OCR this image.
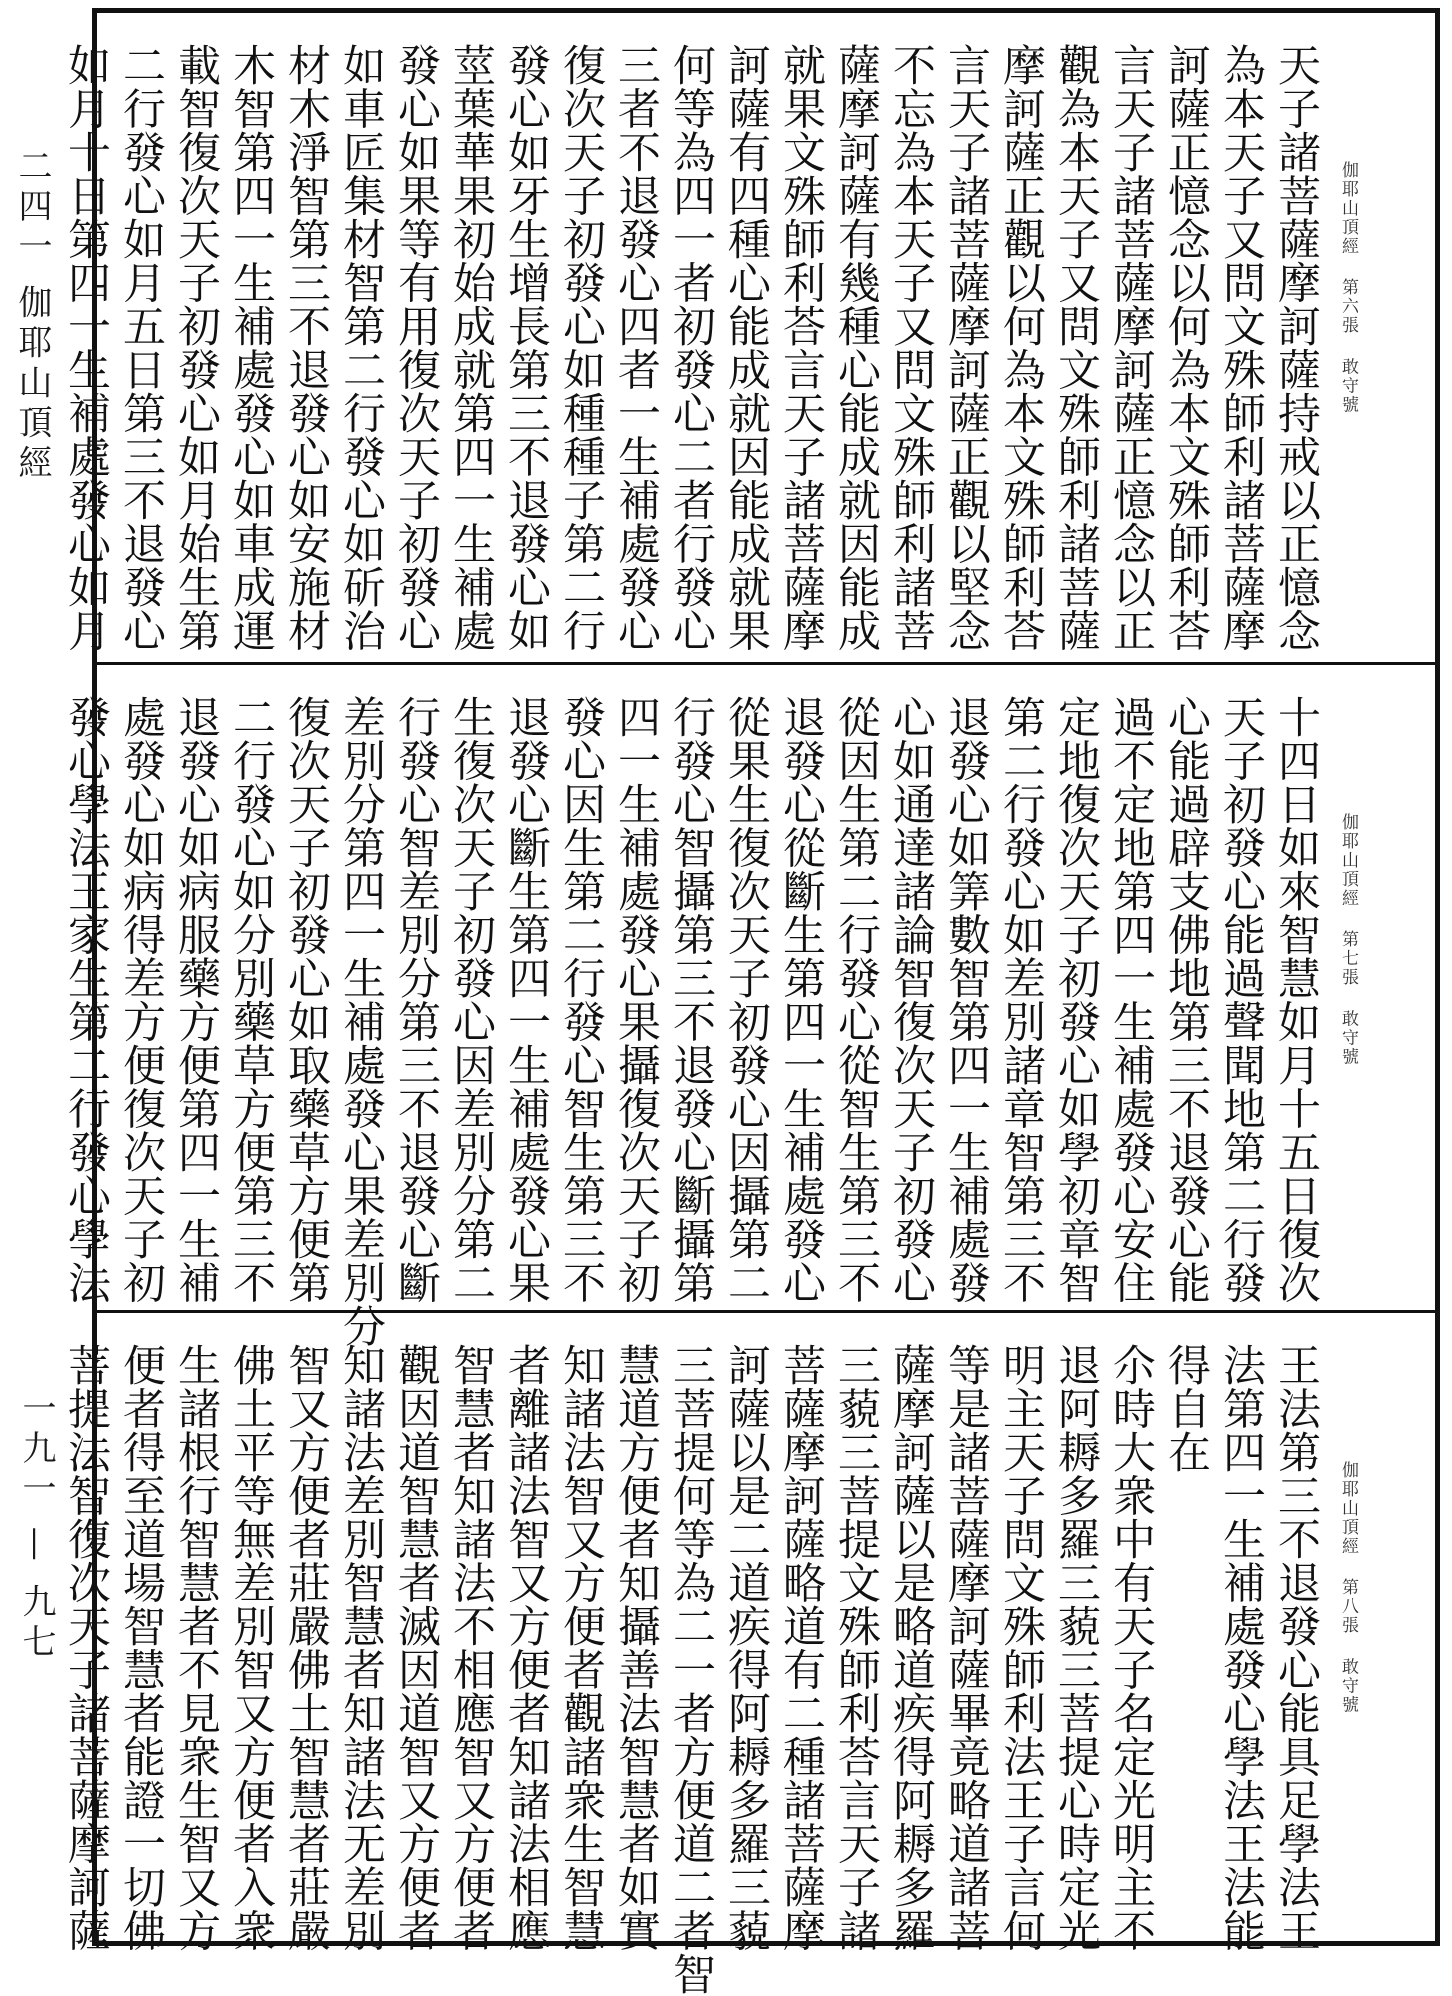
二四一 伽耶山頂經
一九一 — 九七
伽耶山頂經   第六張   敢守號
天子諸菩薩摩訶薩持戒以正憶念
為本天子又問文殊師利諸菩薩摩
訶薩正憶念以何為本文殊師利荅
言天子諸菩薩摩訶薩正憶念以正
觀為本天子又問文殊師利諸菩薩
摩訶薩正觀以何為本文殊師利荅
言天子諸菩薩摩訶薩正觀以堅念
不忘為本天子又問文殊師利諸菩
薩摩訶薩有幾種心能成就因能成
就果文殊師利荅言天子諸菩薩摩
訶薩有四種心能成就因能成就果
何等為四一者初發心二者行發心
三者不退發心四者一生補處發心
復次天子初發心如種種子第二行
發心如牙生增長第三不退發心如
莖葉華果初始成就第四一生補處
發心如果等有用復次天子初發心
如車匠集材智第二行發心如斫治
材木淨智第三不退發心如安施材
木智第四一生補處發心如車成運
載智復次天子初發心如月始生第
二行發心如月五日第三不退發心
如月十日第四一生補處發心如月
伽耶山頂經   第七張   敢守號
十四日如來智慧如月十五日復次
天子初發心能過聲聞地第二行發
心能過辟支佛地第三不退發心能
過不定地第四一生補處發心安住
定地復次天子初發心如學初章智
第二行發心如差別諸章智第三不
退發心如筭數智第四一生補處發
心如通達諸論智復次天子初發心
從因生第二行發心從智生第三不
退發心從斷生第四一生補處發心
從果生復次天子初發心因攝第二
行發心智攝第三不退發心斷攝第
四一生補處發心果攝復次天子初
發心因生第二行發心智生第三不
退發心斷生第四一生補處發心果
生復次天子初發心因差別分第二
行發心智差別分第三不退發心斷
差別分第四一生補處發心果差別分
復次天子初發心如取藥草方便第
二行發心如分別藥草方便第三不
退發心如病服藥方便第四一生補
處發心如病得差方便復次天子初
發心學法王家生第二行發心學法
伽耶山頂經   第八張   敢守號
王法第三不退發心能具足學法王
法第四一生補處發心學法王法能
得自在
尒時大衆中有天子名定光明主不
退阿耨多羅三藐三菩提心時定光
明主天子問文殊師利法王子言何
等是諸菩薩摩訶薩畢竟略道諸菩
薩摩訶薩以是略道疾得阿耨多羅
三藐三菩提文殊師利荅言天子諸
菩薩摩訶薩略道有二種諸菩薩摩
訶薩以是二道疾得阿耨多羅三藐
三菩提何等為二一者方便道二者智
慧道方便者知攝善法智慧者如實
知諸法智又方便者觀諸衆生智慧
者離諸法智又方便者知諸法相應
智慧者知諸法不相應智又方便者
觀因道智慧者滅因道智又方便者
知諸法差別智慧者知諸法无差別
智又方便者莊嚴佛土智慧者莊嚴
佛土平等無差別智又方便者入衆
生諸根行智慧者不見衆生智又方
便者得至道場智慧者能證一切佛
菩提法智復次天子諸菩薩摩訶薩
